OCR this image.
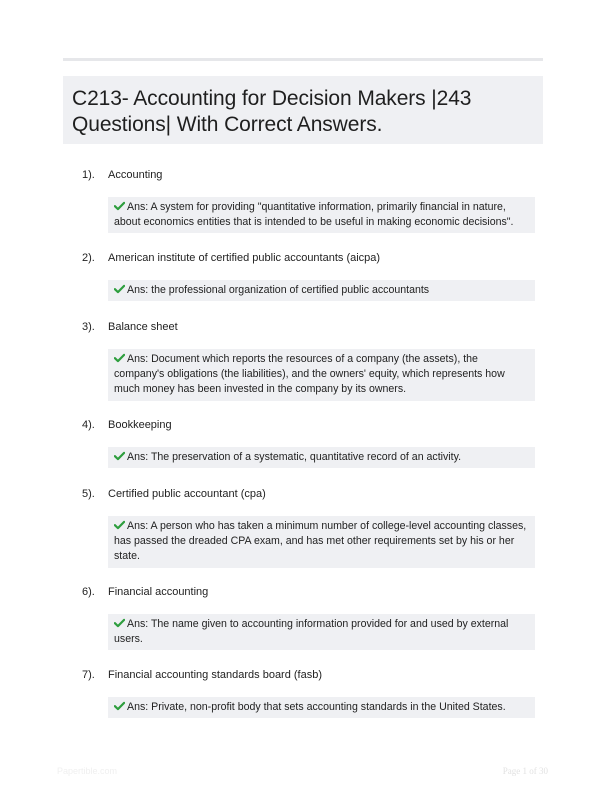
C213- Accounting for Decision Makers |243 Questions| With Correct Answers.
1).	Accounting
Ans: A system for providing "quantitative information, primarily financial in nature, about economics entities that is intended to be useful in making economic decisions".
2).	American institute of certified public accountants (aicpa)
Ans: the professional organization of certified public accountants
3).	Balance sheet
Ans: Document which reports the resources of a company (the assets), the company's obligations (the liabilities), and the owners' equity, which represents how much money has been invested in the company by its owners.
4).	Bookkeeping
Ans: The preservation of a systematic, quantitative record of an activity.
5).	Certified public accountant (cpa)
Ans: A person who has taken a minimum number of college-level accounting classes, has passed the dreaded CPA exam, and has met other requirements set by his or her state.
6).	Financial accounting
Ans: The name given to accounting information provided for and used by external users.
7).	Financial accounting standards board (fasb)
Ans: Private, non-profit body that sets accounting standards in the United States.
Papertible.com	Page 1 of 30
